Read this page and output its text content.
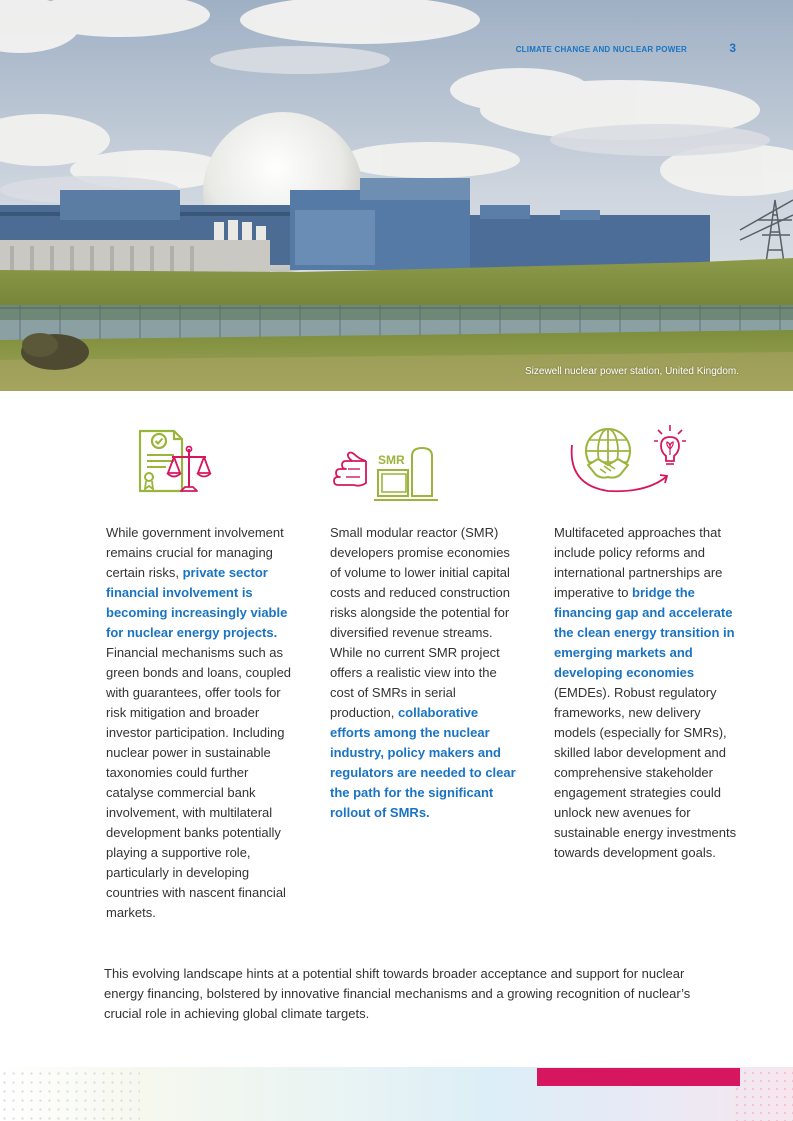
CLIMATE CHANGE AND NUCLEAR POWER	3
Sizewell nuclear power station, United Kingdom.
SMR
While government involvement remains crucial for managing certain risks, private sector financial involvement is becoming increasingly viable for nuclear energy projects. Financial mechanisms such as green bonds and loans, coupled with guarantees, offer tools for risk mitigation and broader investor participation. Including nuclear power in sustainable taxonomies could further catalyse commercial bank involvement, with multilateral development banks potentially playing a supportive role, particularly in developing countries with nascent financial markets.
Small modular reactor (SMR) developers promise economies of volume to lower initial capital costs and reduced construction risks alongside the potential for diversified revenue streams. While no current SMR project offers a realistic view into the cost of SMRs in serial production, collaborative efforts among the nuclear industry, policy makers and regulators are needed to clear the path for the significant rollout of SMRs.
Multifaceted approaches that include policy reforms and international partnerships are imperative to bridge the financing gap and accelerate the clean energy transition in emerging markets and developing economies (EMDEs). Robust regulatory frameworks, new delivery models (especially for SMRs), skilled labor development and comprehensive stakeholder engagement strategies could unlock new avenues for sustainable energy investments towards development goals.

This evolving landscape hints at a potential shift towards broader acceptance and support for nuclear energy financing, bolstered by innovative financial mechanisms and a growing recognition of nuclear’s crucial role in achieving global climate targets.
